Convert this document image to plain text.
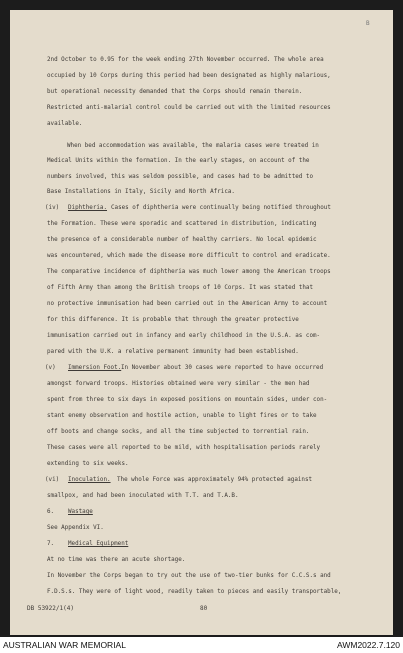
B
2nd October to 0.95 for the week ending 27th November occurred. The whole area
occupied by 10 Corps during this period had been designated as highly malarious,
but operational necessity demanded that the Corps should remain therein.
Restricted anti-malarial control could be carried out with the limited resources
available.
When bed accommodation was available, the malaria cases were treated in
Medical Units within the formation. In the early stages, on account of the
numbers involved, this was seldom possible, and cases had to be admitted to
Base Installations in Italy, Sicily and North Africa.
(iv) Diphtheria. Cases of diphtheria were continually being notified throughout
the Formation. These were sporadic and scattered in distribution, indicating
the presence of a considerable number of healthy carriers. No local epidemic
was encountered, which made the disease more difficult to control and eradicate.
The comparative incidence of diphtheria was much lower among the American troops
of Fifth Army than among the British troops of 10 Corps. It was stated that
no protective immunisation had been carried out in the American Army to account
for this difference. It is probable that through the greater protective
immunisation carried out in infancy and early childhood in the U.S.A. as com-
pared with the U.K. a relative permanent immunity had been established.
(v) Immersion Foot. In November about 30 cases were reported to have occurred
amongst forward troops. Histories obtained were very similar - the men had
spent from three to six days in exposed positions on mountain sides, under con-
stant enemy observation and hostile action, unable to light fires or to take
off boots and change socks, and all the time subjected to torrential rain.
These cases were all reported to be mild, with hospitalisation periods rarely
extending to six weeks.
(vi) Inoculation. The whole Force was approximately 94% protected against
smallpox, and had been inoculated with T.T. and T.A.B.
6. Wastage
See Appendix VI.
7. Medical Equipment
At no time was there an acute shortage.
In November the Corps began to try out the use of two-tier bunks for C.C.S.s and
F.D.S.s. They were of light wood, readily taken to pieces and easily transportable,
DB 53922/1(4)	80
AUSTRALIAN WAR MEMORIAL	AWM2022.7.120
